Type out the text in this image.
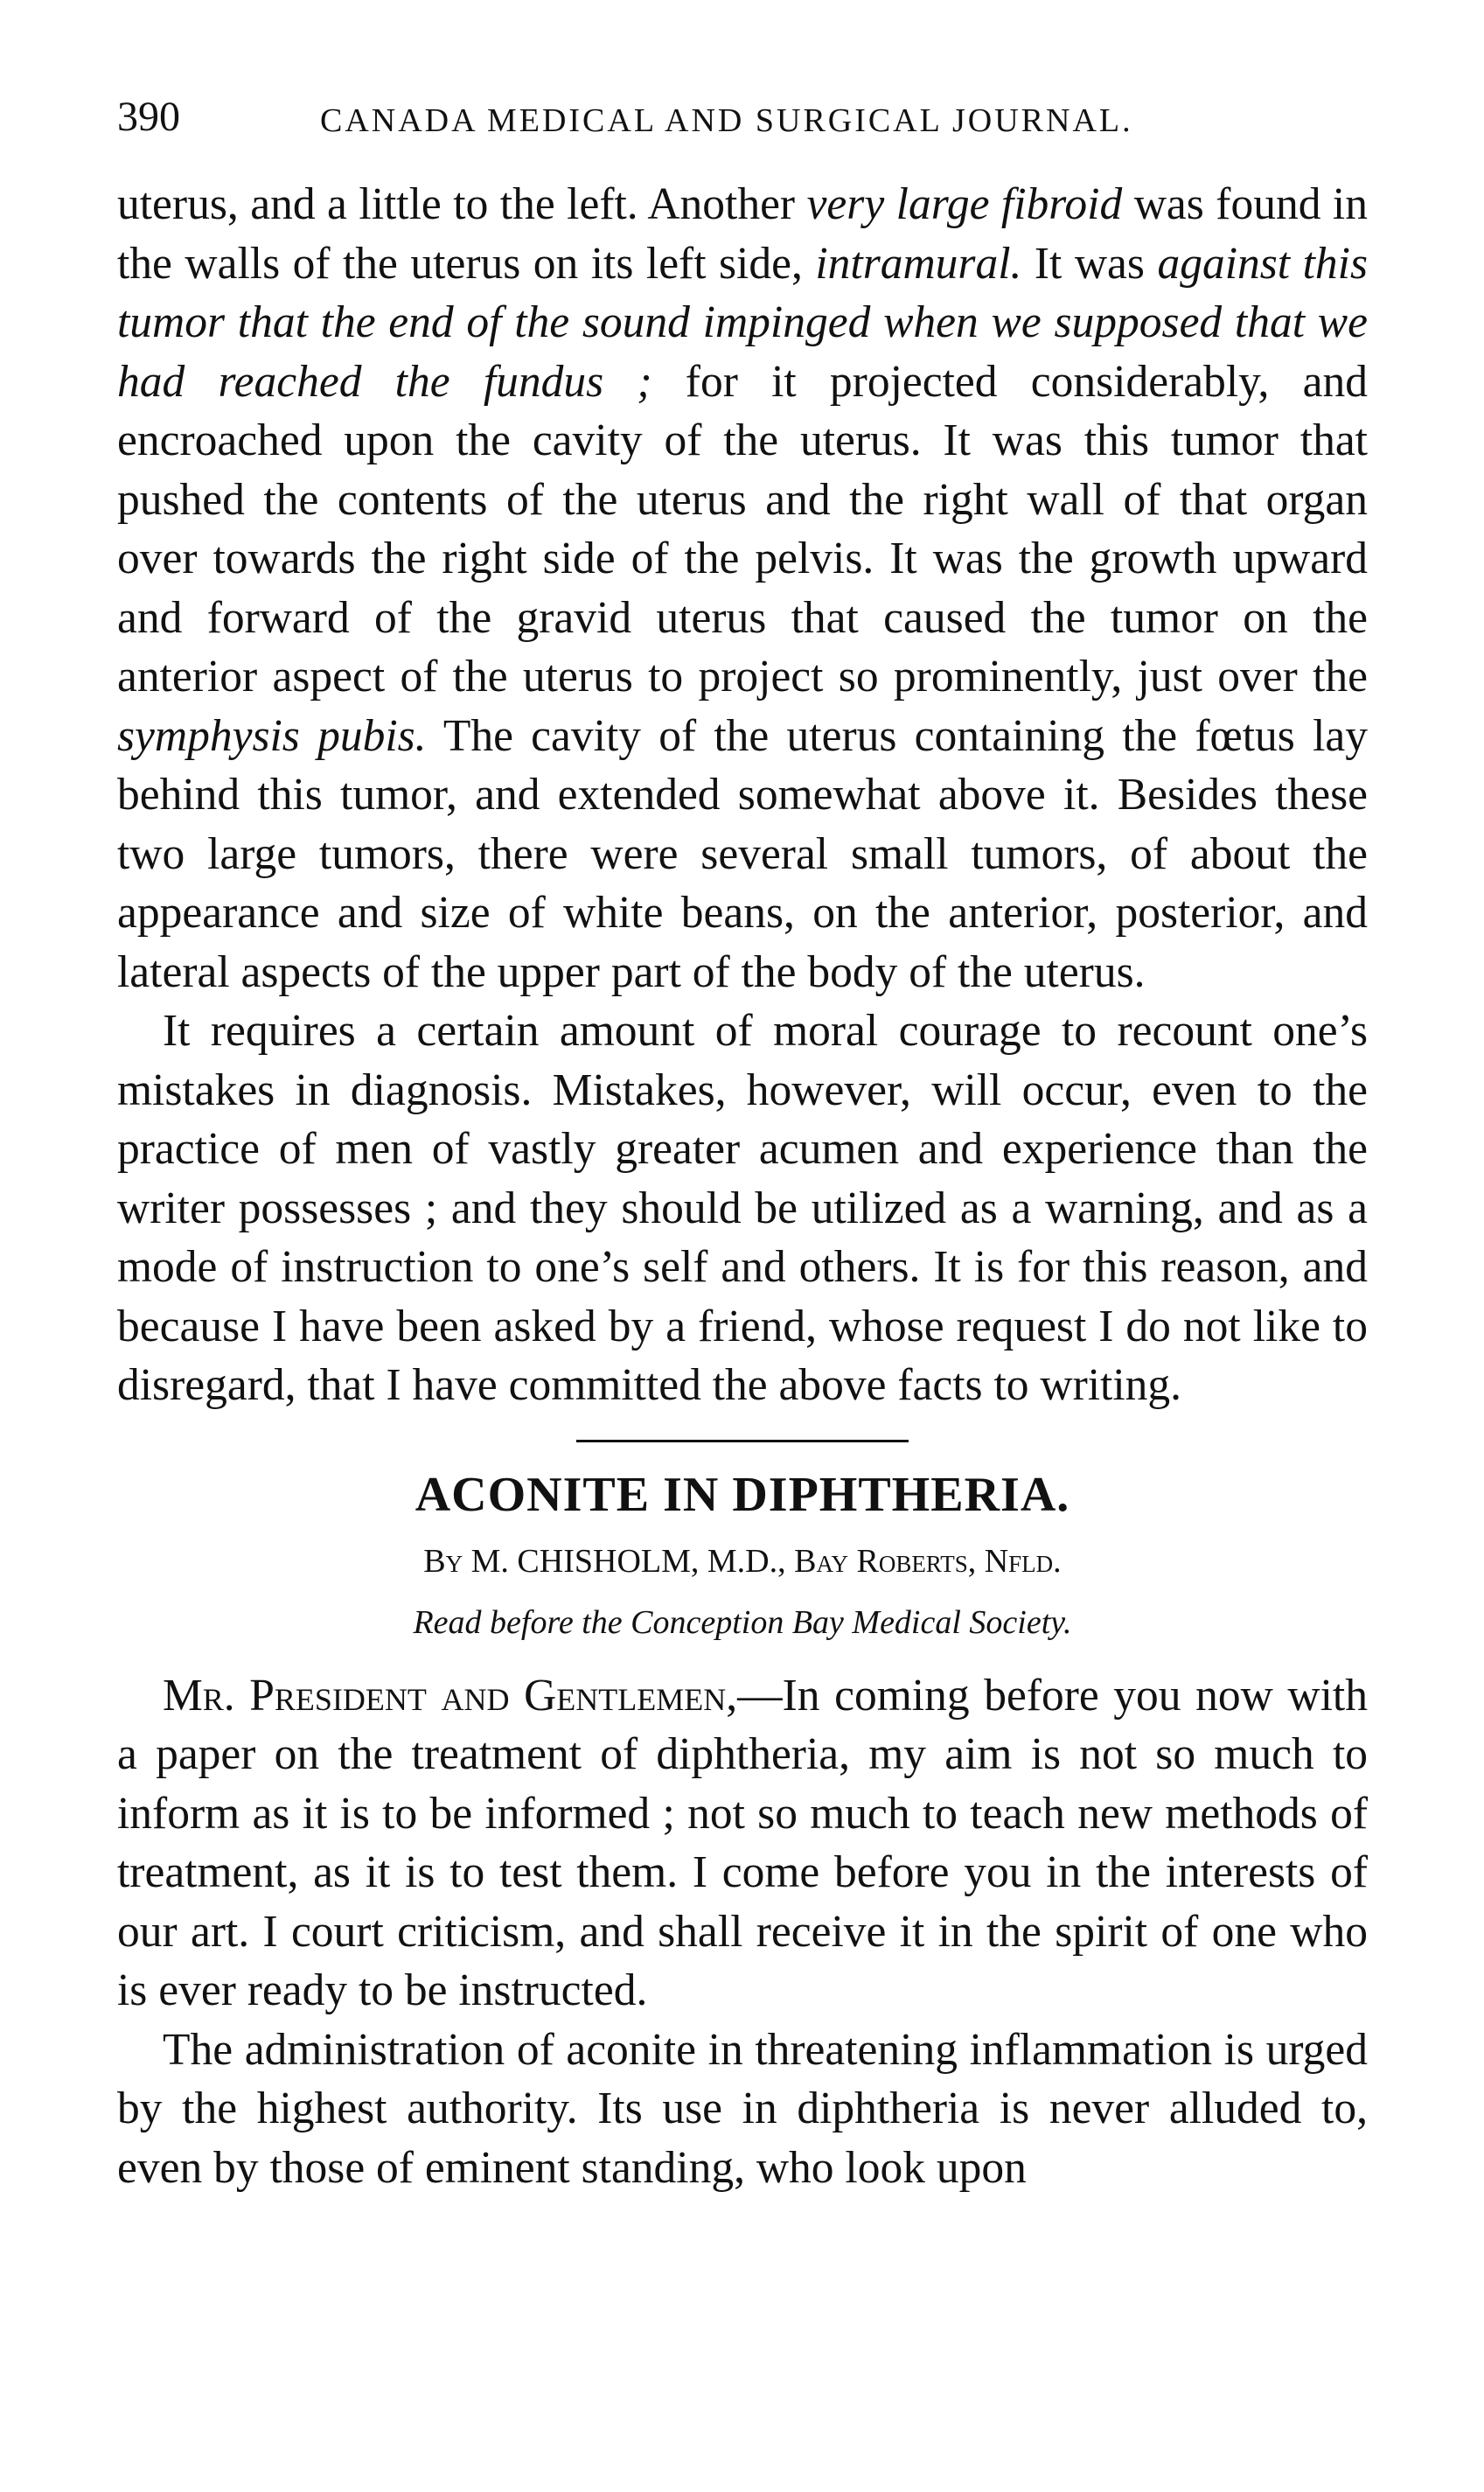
390	CANADA MEDICAL AND SURGICAL JOURNAL.

uterus, and a little to the left. Another very large fibroid was found in the walls of the uterus on its left side, intramural. It was against this tumor that the end of the sound impinged when we supposed that we had reached the fundus ; for it projected considerably, and encroached upon the cavity of the uterus. It was this tumor that pushed the contents of the uterus and the right wall of that organ over towards the right side of the pelvis. It was the growth upward and forward of the gravid uterus that caused the tumor on the anterior aspect of the uterus to project so prominently, just over the symphysis pubis. The cavity of the uterus containing the fœtus lay behind this tumor, and extended somewhat above it. Besides these two large tumors, there were several small tumors, of about the appearance and size of white beans, on the anterior, posterior, and lateral aspects of the upper part of the body of the uterus.

It requires a certain amount of moral courage to recount one’s mistakes in diagnosis. Mistakes, however, will occur, even to the practice of men of vastly greater acumen and experience than the writer possesses ; and they should be utilized as a warning, and as a mode of instruction to one’s self and others. It is for this reason, and because I have been asked by a friend, whose request I do not like to disregard, that I have committed the above facts to writing.

ACONITE IN DIPHTHERIA.

By M. CHISHOLM, M.D., Bay Roberts, Nfld.

Read before the Conception Bay Medical Society.

Mr. President and Gentlemen,—In coming before you now with a paper on the treatment of diphtheria, my aim is not so much to inform as it is to be informed ; not so much to teach new methods of treatment, as it is to test them. I come before you in the interests of our art. I court criticism, and shall receive it in the spirit of one who is ever ready to be instructed.

The administration of aconite in threatening inflammation is urged by the highest authority. Its use in diphtheria is never alluded to, even by those of eminent standing, who look upon
